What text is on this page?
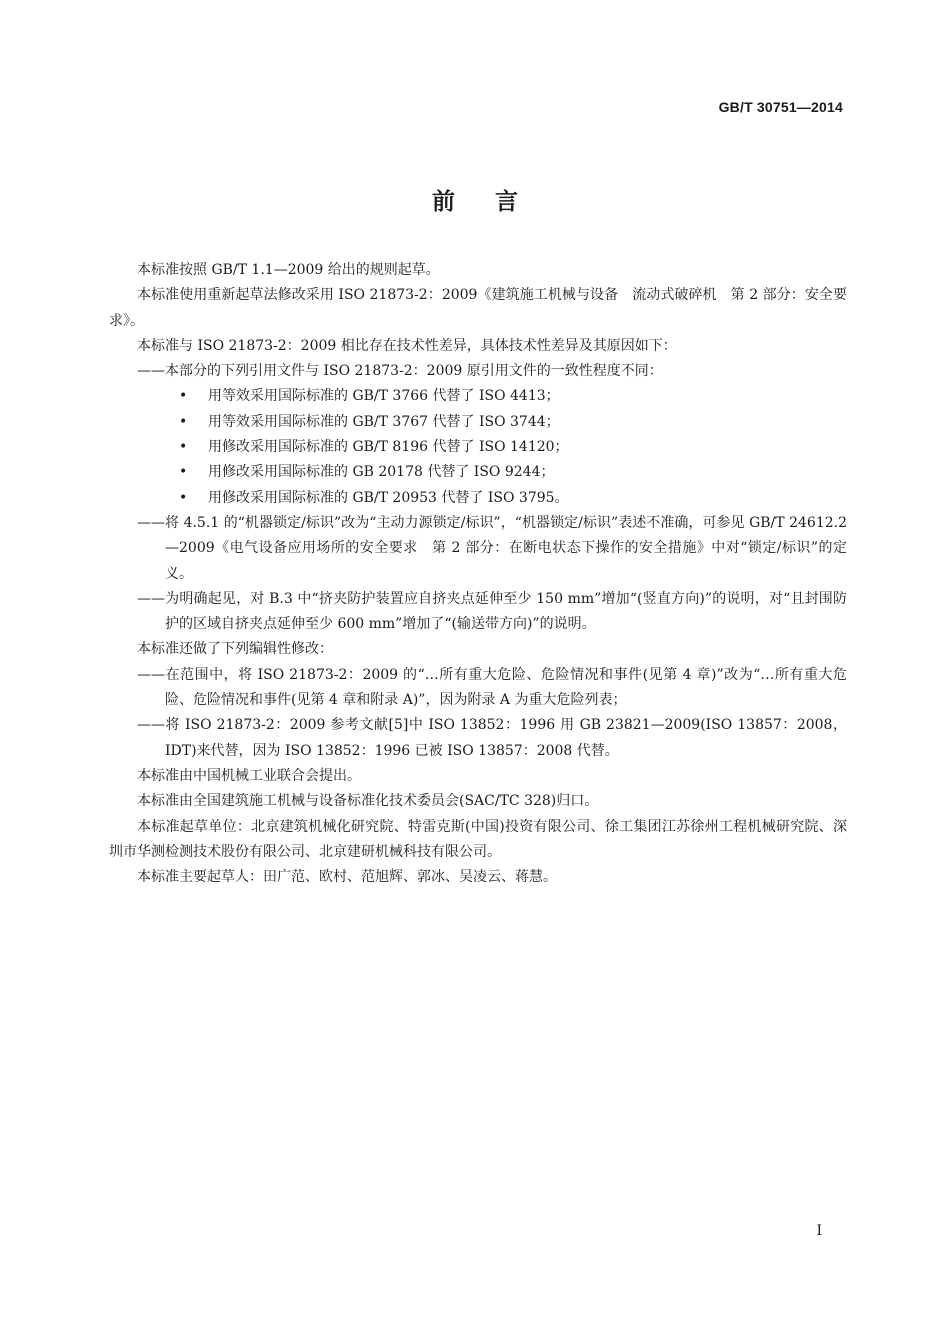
GB/T 30751—2014
前 言

本标准按照 GB/T 1.1—2009 给出的规则起草。

本标准使用重新起草法修改采用 ISO 21873-2：2009《建筑施工机械与设备　流动式破碎机　第 2 部分：安全要求》。

本标准与 ISO 21873-2：2009 相比存在技术性差异，具体技术性差异及其原因如下：

——本部分的下列引用文件与 ISO 21873-2：2009 原引用文件的一致性程度不同：

• 用等效采用国际标准的 GB/T 3766 代替了 ISO 4413；

• 用等效采用国际标准的 GB/T 3767 代替了 ISO 3744；

• 用修改采用国际标准的 GB/T 8196 代替了 ISO 14120；

• 用修改采用国际标准的 GB 20178 代替了 ISO 9244；

• 用修改采用国际标准的 GB/T 20953 代替了 ISO 3795。

——将 4.5.1 的“机器锁定/标识”改为“主动力源锁定/标识”，“机器锁定/标识”表述不准确，可参见 GB/T 24612.2—2009《电气设备应用场所的安全要求　第 2 部分：在断电状态下操作的安全措施》中对“锁定/标识”的定义。

——为明确起见，对 B.3 中“挤夹防护装置应自挤夹点延伸至少 150 mm”增加“(竖直方向)”的说明，对“且封围防护的区域自挤夹点延伸至少 600 mm”增加了“(输送带方向)”的说明。

本标准还做了下列编辑性修改：

——在范围中，将 ISO 21873-2：2009 的“…所有重大危险、危险情况和事件(见第 4 章)”改为“…所有重大危险、危险情况和事件(见第 4 章和附录 A)”，因为附录 A 为重大危险列表；

——将 ISO 21873-2：2009 参考文献[5]中 ISO 13852：1996 用 GB 23821—2009(ISO 13857：2008，IDT)来代替，因为 ISO 13852：1996 已被 ISO 13857：2008 代替。

本标准由中国机械工业联合会提出。

本标准由全国建筑施工机械与设备标准化技术委员会(SAC/TC 328)归口。

本标准起草单位：北京建筑机械化研究院、特雷克斯(中国)投资有限公司、徐工集团江苏徐州工程机械研究院、深圳市华测检测技术股份有限公司、北京建研机械科技有限公司。

本标准主要起草人：田广范、欧村、范旭辉、郭冰、吴凌云、蒋慧。

I
